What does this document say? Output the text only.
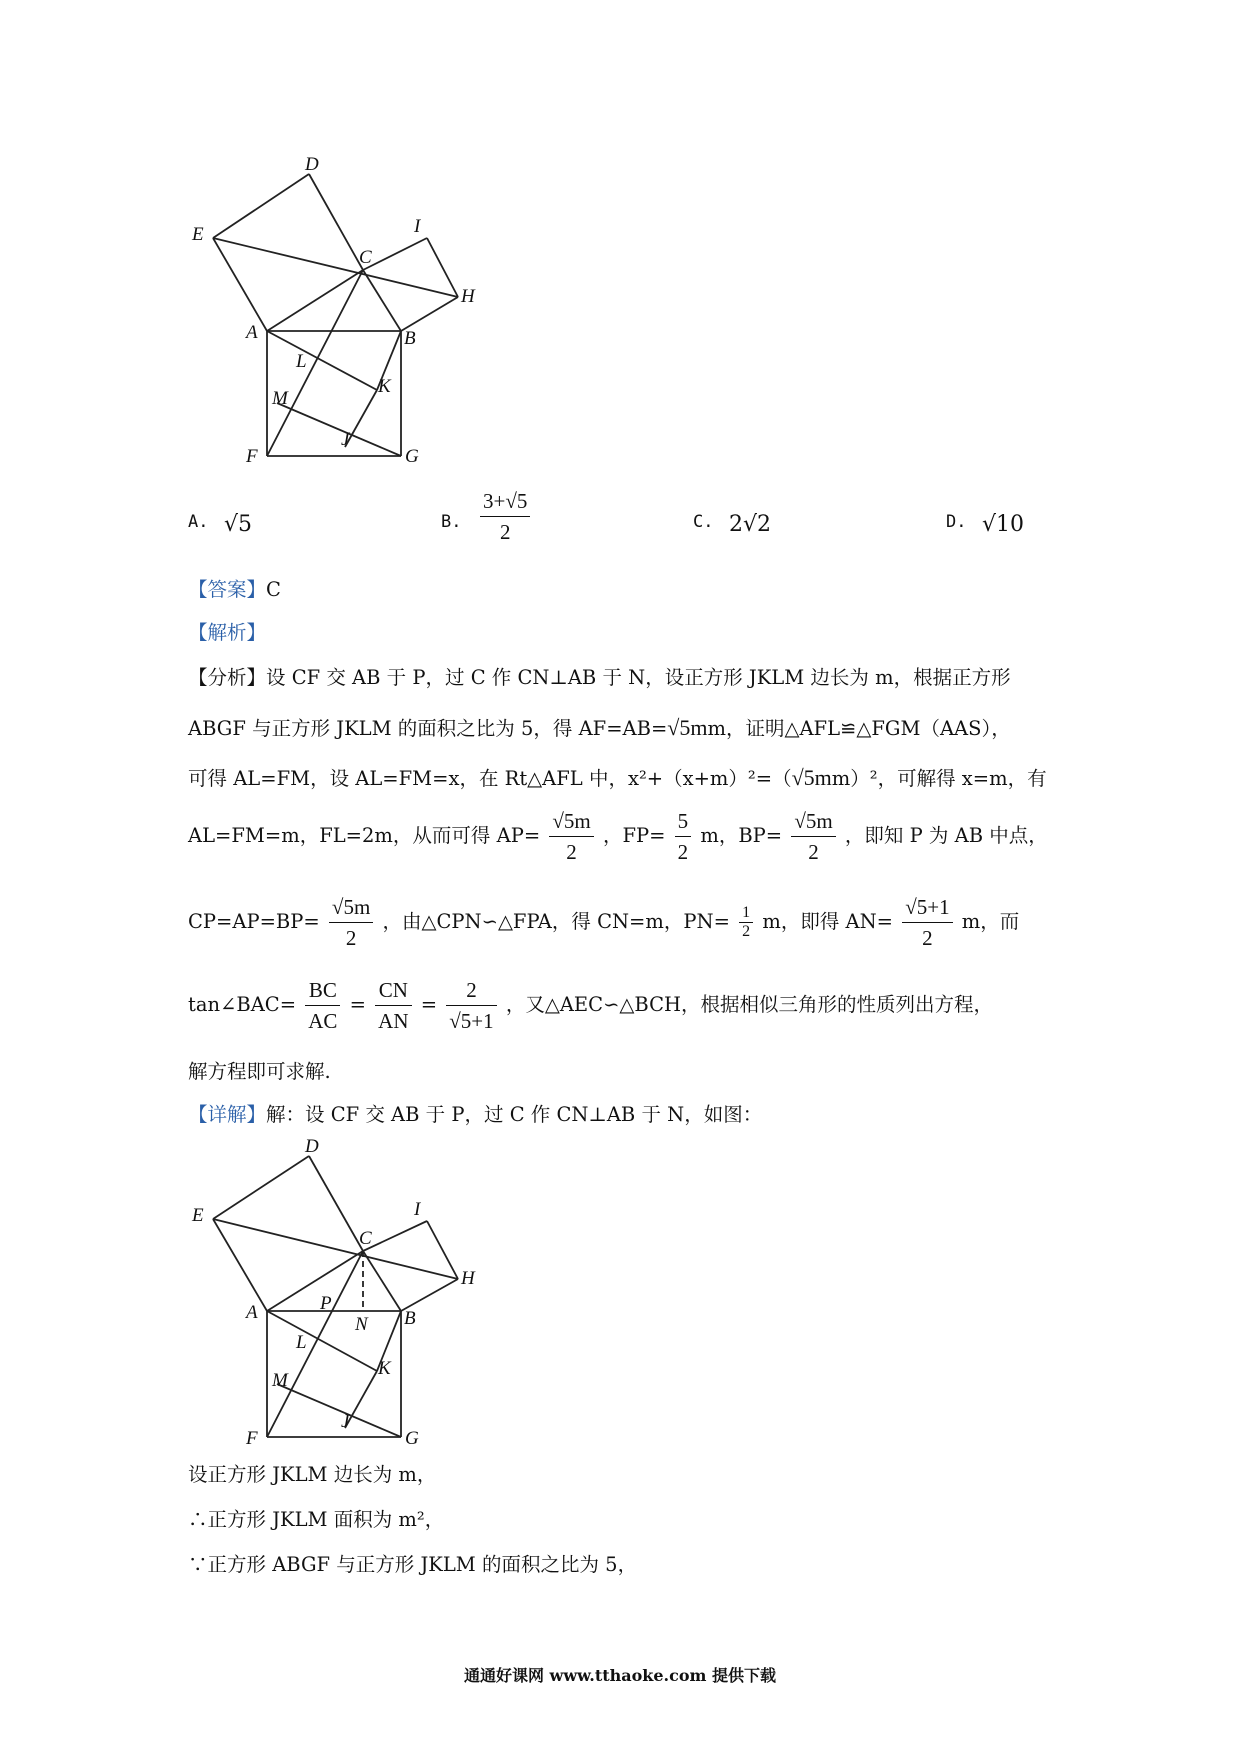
D
E	I
C
H
A	B
L
K
M
J
F	G
A. √5	B. $\frac{3+√5}{2}$	C. 2√2	D. √10
【答案】C
【解析】
【分析】设 CF 交 AB 于 P，过 C 作 CN⊥AB 于 N，设正方形 JKLM 边长为 m，根据正方形
ABGF 与正方形 JKLM 的面积之比为 5，得 AF=AB=√5mm，证明△AFL≌△FGM（AAS），
可得 AL=FM，设 AL=FM=x，在 Rt△AFL 中，x²+（x+m）²=（√5mm）²，可解得 x=m，有
AL=FM=m，FL=2m，从而可得 $AP= \frac{√5m}{2}$ ，$FP= \frac{5}{2}$ m，$BP= \frac{√5m}{2}$ ，即知 P 为 AB 中点，
$CP=AP=BP= \frac{√5m}{2}$ ，由△CPN∽△FPA，得 CN=m，$PN= \frac{1}{2}$ m，即得 $AN= \frac{√5+1}{2}$ m，而
tan∠BAC= $\frac{BC}{AC} = \frac{CN}{AN} = \frac{2}{√5+1}$ ，又△AEC∽△BCH，根据相似三角形的性质列出方程，
解方程即可求解.
【详解】解：设 CF 交 AB 于 P，过 C 作 CN⊥AB 于 N，如图：
D
E	I
C
H
A	P
N B
L
K
M
J
F	G
设正方形 JKLM 边长为 m，
∴正方形 JKLM 面积为 m²，
∵正方形 ABGF 与正方形 JKLM 的面积之比为 5，
通通好课网 www.tthaoke.com 提供下载
